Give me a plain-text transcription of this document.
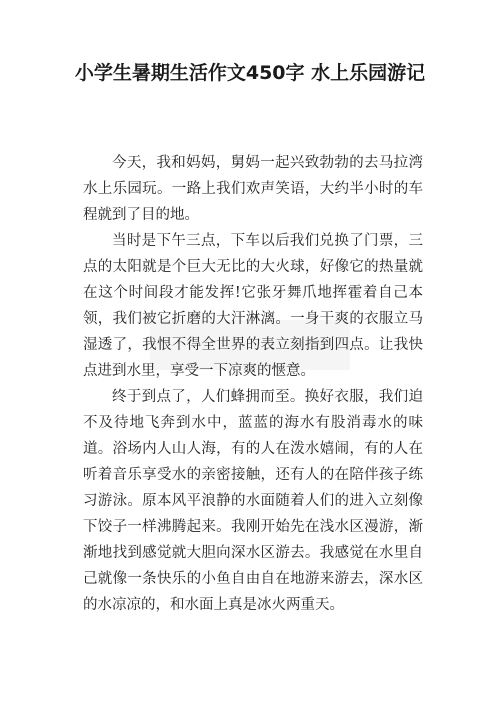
小学生暑期生活作文450字 水上乐园游记

今天，我和妈妈，舅妈一起兴致勃勃的去马拉湾水上乐园玩。一路上我们欢声笑语，大约半小时的车程就到了目的地。

当时是下午三点，下车以后我们兑换了门票，三点的太阳就是个巨大无比的大火球，好像它的热量就在这个时间段才能发挥!它张牙舞爪地挥霍着自己本领，我们被它折磨的大汗淋漓。一身干爽的衣服立马湿透了，我恨不得全世界的表立刻指到四点。让我快点进到水里，享受一下凉爽的惬意。

终于到点了，人们蜂拥而至。换好衣服，我们迫不及待地飞奔到水中，蓝蓝的海水有股消毒水的味道。浴场内人山人海，有的人在泼水嬉闹，有的人在听着音乐享受水的亲密接触，还有人的在陪伴孩子练习游泳。原本风平浪静的水面随着人们的进入立刻像下饺子一样沸腾起来。我刚开始先在浅水区漫游，渐渐地找到感觉就大胆向深水区游去。我感觉在水里自己就像一条快乐的小鱼自由自在地游来游去，深水区的水凉凉的，和水面上真是冰火两重天。
